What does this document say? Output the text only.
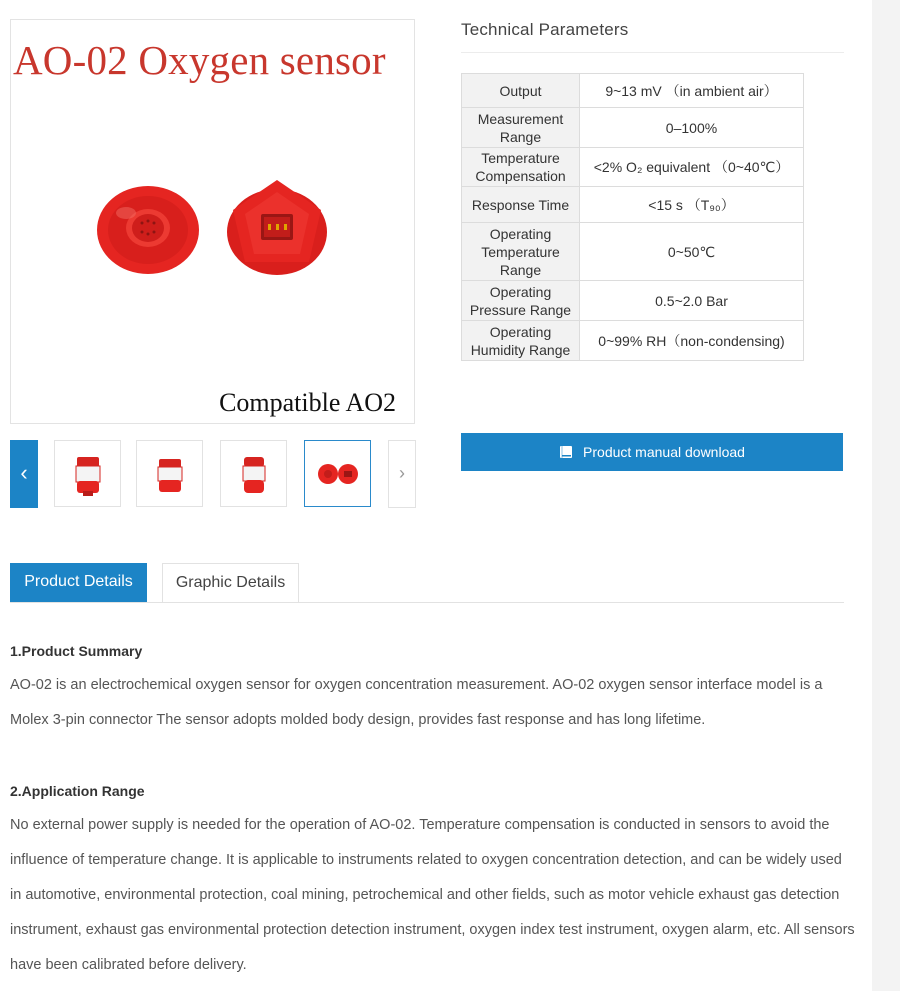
AO-02 Oxygen sensor
Compatible AO2
‹	›
Technical Parameters
Output	9~13 mV （in ambient air）
Measurement Range	0–100%
Temperature Compensation	<2% O₂ equivalent （0~40℃）
Response Time	<15 s （T₉₀）
Operating Temperature Range	0~50℃
Operating Pressure Range	0.5~2.0 Bar
Operating Humidity Range	0~99% RH（non-condensing)
Product manual download
Product Details	Graphic Details
1.Product Summary
AO-02 is an electrochemical oxygen sensor for oxygen concentration measurement. AO-02 oxygen sensor interface model is a Molex 3-pin connector The sensor adopts molded body design, provides fast response and has long lifetime.
2.Application Range
No external power supply is needed for the operation of AO-02. Temperature compensation is conducted in sensors to avoid the influence of temperature change. It is applicable to instruments related to oxygen concentration detection, and can be widely used in automotive, environmental protection, coal mining, petrochemical and other fields, such as motor vehicle exhaust gas detection instrument, exhaust gas environmental protection detection instrument, oxygen index test instrument, oxygen alarm, etc. All sensors have been calibrated before delivery.
